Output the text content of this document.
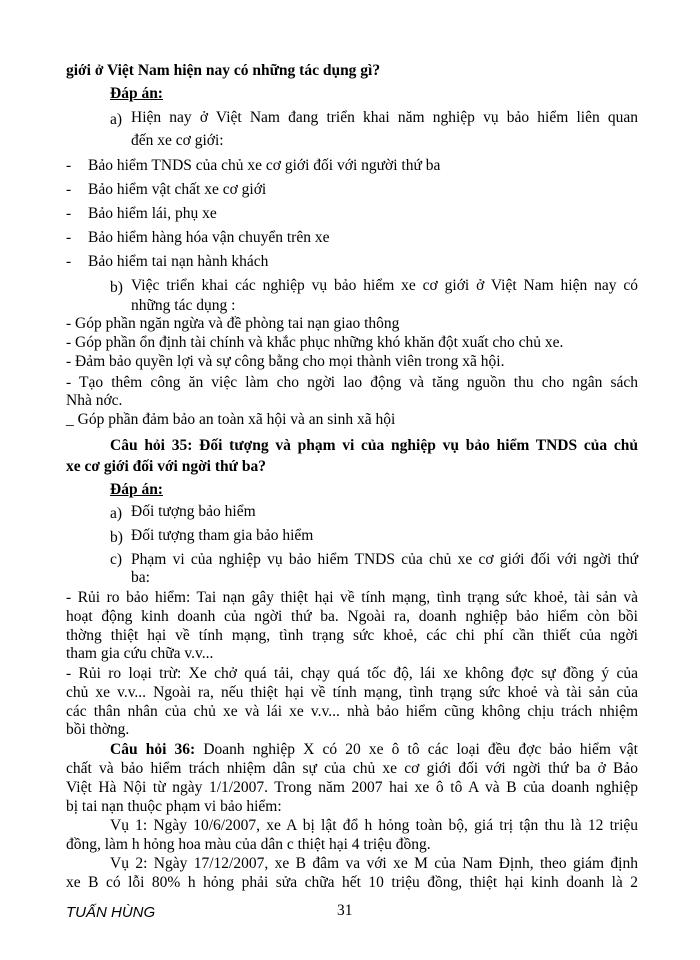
giới ở Việt Nam hiện nay có những tác dụng gì?
Đáp án:
a) Hiện nay ở Việt Nam đang triển khai năm nghiệp vụ bảo hiểm liên quan
đến xe cơ giới:
- Bảo hiểm TNDS của chủ xe cơ giới đối với người thứ ba
- Bảo hiểm vật chất xe cơ giới
- Bảo hiểm lái, phụ xe
- Bảo hiểm hàng hóa vận chuyển trên xe
- Bảo hiểm tai nạn hành khách
b) Việc triển khai các nghiệp vụ bảo hiểm xe cơ giới ở Việt Nam hiện nay có
những tác dụng :
- Góp phần ngăn ngừa và đề phòng tai nạn giao thông
- Góp phần ổn định tài chính và khắc phục những khó khăn đột xuất cho chủ xe.
- Đảm bảo quyền lợi và sự công bằng cho mọi thành viên trong xã hội.
- Tạo thêm công ăn việc làm cho ngời lao động và tăng nguồn thu cho ngân sách
Nhà nớc.
_ Góp phần đảm bảo an toàn xã hội và an sinh xã hội
Câu hỏi 35: Đối tượng và phạm vi của nghiệp vụ bảo hiểm TNDS của chủ
xe cơ giới đối với ngời thứ ba?
Đáp án:
a) Đối tượng bảo hiểm
b) Đối tượng tham gia bảo hiểm
c) Phạm vi của nghiệp vụ bảo hiểm TNDS của chủ xe cơ giới đối với ngời thứ
ba:
- Rủi ro bảo hiểm: Tai nạn gây thiệt hại về tính mạng, tình trạng sức khoẻ, tài sản và
hoạt động kinh doanh của ngời thứ ba. Ngoài ra, doanh nghiệp bảo hiểm còn bồi
thờng thiệt hại về tính mạng, tình trạng sức khoẻ, các chi phí cần thiết của ngời
tham gia cứu chữa v.v...
- Rủi ro loại trừ: Xe chở quá tải, chạy quá tốc độ, lái xe không đợc sự đồng ý của
chủ xe v.v... Ngoài ra, nếu thiệt hại về tính mạng, tình trạng sức khoẻ và tài sản của
các thân nhân của chủ xe và lái xe v.v... nhà bảo hiểm cũng không chịu trách nhiệm
bồi thờng.
Câu hỏi 36: Doanh nghiệp X có 20 xe ô tô các loại đều đợc bảo hiểm vật
chất và bảo hiểm trách nhiệm dân sự của chủ xe cơ giới đối với ngời thứ ba ở Bảo
Việt Hà Nội từ ngày 1/1/2007. Trong năm 2007 hai xe ô tô A và B của doanh nghiệp
bị tai nạn thuộc phạm vi bảo hiểm:
Vụ 1: Ngày 10/6/2007, xe A bị lật đổ h hỏng toàn bộ, giá trị tận thu là 12 triệu
đồng, làm h hỏng hoa màu của dân c thiệt hại 4 triệu đồng.
Vụ 2: Ngày 17/12/2007, xe B đâm va với xe M của Nam Định, theo giám định
xe B có lỗi 80% h hỏng phải sửa chữa hết 10 triệu đồng, thiệt hại kinh doanh là 2
TUẤN HÙNG	31
